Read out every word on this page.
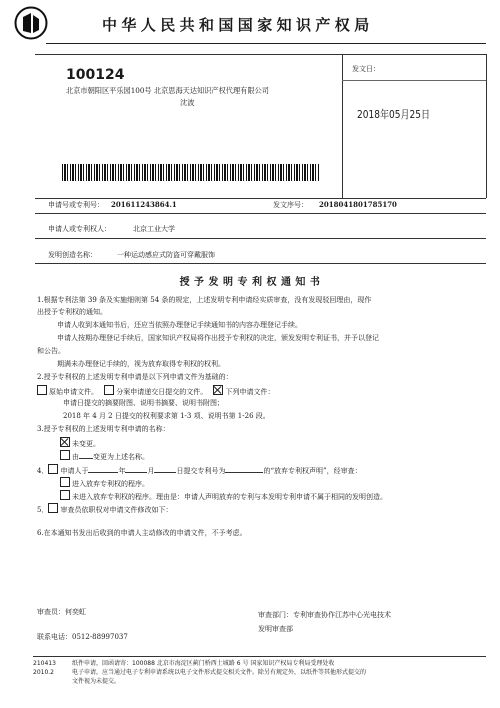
中华人民共和国国家知识产权局
100124
北京市朝阳区平乐园100号 北京思海天达知识产权代理有限公司
沈波
发文日：
2018年05月25日
申请号或专利号： 201611243864.1	发文序号： 2018041801785170
申请人或专利权人：	北京工业大学
发明创造名称：	一种运动感应式防盗可穿戴服饰
授 予 发 明 专 利 权 通 知 书
1.根据专利法第 39 条及实施细则第 54 条的规定，上述发明专利申请经实质审查，没有发现驳回理由，现作
出授予专利权的通知。
申请人收到本通知书后，还应当依照办理登记手续通知书的内容办理登记手续。
申请人按期办理登记手续后，国家知识产权局将作出授予专利权的决定，颁发发明专利证书，并予以登记
和公告。
期满未办理登记手续的，视为放弃取得专利权的权利。
2.授予专利权的上述发明专利申请是以下列申请文件为基础的：
原始申请文件。	分案申请递交日提交的文件。	下列申请文件：
申请日提交的摘要附图、说明书摘要、说明书附图；
2018 年 4 月 2 日提交的权利要求第 1-3 项、说明书第 1-26 段。
3.授予专利权的上述发明专利申请的名称：
未变更。
由 变更为上述名称。
4． 申请人于	年	月	日提交专利号为	的“放弃专利权声明”，经审查：
进入放弃专利权的程序。
未进入放弃专利权的程序。理由是：申请人声明放弃的专利与本发明专利申请不属于相同的发明创造。
5． 审查员依职权对申请文件修改如下：
6.在本通知书发出后收到的申请人主动修改的申请文件，不予考虑。
审查员：何奕虹	审查部门：专利审查协作江苏中心光电技术
发明审查部
联系电话：0512-88997037
210413
2010.2
纸件申请，回函请寄：100088 北京市海淀区蓟门桥西土城路 6 号 国家知识产权局专利局受理处收
电子申请，应当通过电子专利申请系统以电子文件形式提交相关文件。除另有规定外，以纸件等其他形式提交的
文件视为未提交。
